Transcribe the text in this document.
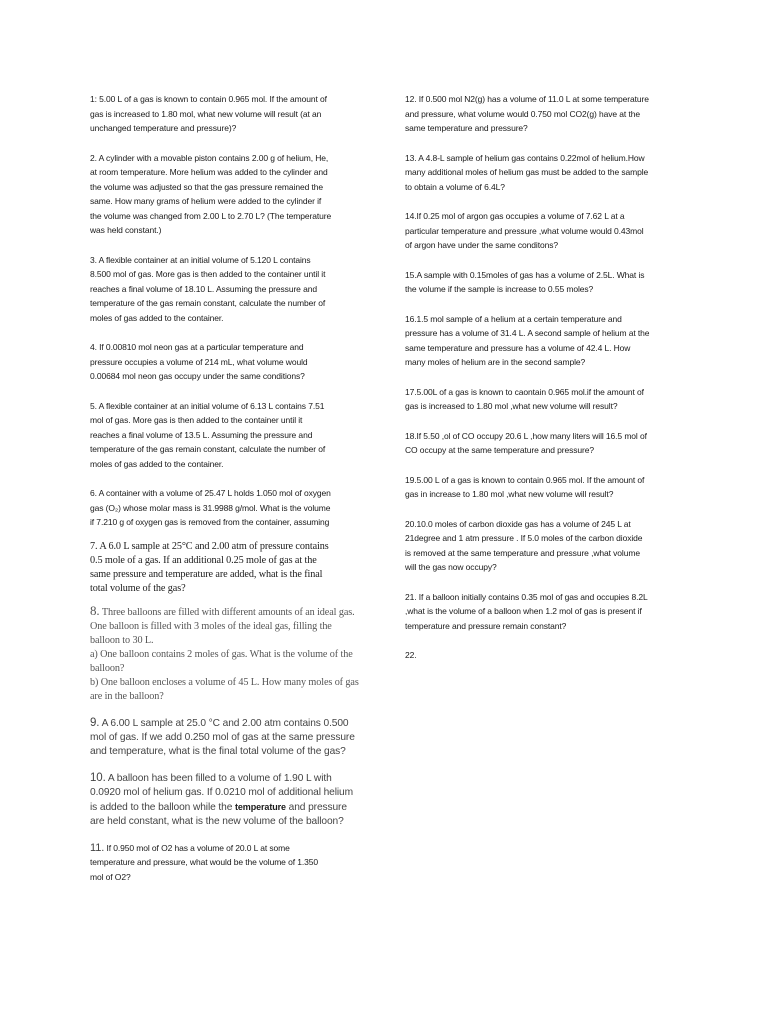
1: 5.00 L of a gas is known to contain 0.965 mol. If the amount of
gas is increased to 1.80 mol, what new volume will result (at an
unchanged temperature and pressure)?
2. A cylinder with a movable piston contains 2.00 g of helium, He,
at room temperature. More helium was added to the cylinder and
the volume was adjusted so that the gas pressure remained the
same. How many grams of helium were added to the cylinder if
the volume was changed from 2.00 L to 2.70 L? (The temperature
was held constant.)
3. A flexible container at an initial volume of 5.120 L contains
8.500 mol of gas. More gas is then added to the container until it
reaches a final volume of 18.10 L. Assuming the pressure and
temperature of the gas remain constant, calculate the number of
moles of gas added to the container.
4. If 0.00810 mol neon gas at a particular temperature and
pressure occupies a volume of 214 mL, what volume would
0.00684 mol neon gas occupy under the same conditions?
5. A flexible container at an initial volume of 6.13 L contains 7.51
mol of gas. More gas is then added to the container until it
reaches a final volume of 13.5 L. Assuming the pressure and
temperature of the gas remain constant, calculate the number of
moles of gas added to the container.
6. A container with a volume of 25.47 L holds 1.050 mol of oxygen
gas (O₂) whose molar mass is 31.9988 g/mol. What is the volume
if 7.210 g of oxygen gas is removed from the container, assuming
7. A 6.0 L sample at 25°C and 2.00 atm of pressure contains
0.5 mole of a gas. If an additional 0.25 mole of gas at the
same pressure and temperature are added, what is the final
total volume of the gas?
8. Three balloons are filled with different amounts of an ideal gas.
One balloon is filled with 3 moles of the ideal gas, filling the
balloon to 30 L.
a) One balloon contains 2 moles of gas. What is the volume of the
balloon?
b) One balloon encloses a volume of 45 L. How many moles of gas
are in the balloon?
9. A 6.00 L sample at 25.0 °C and 2.00 atm contains 0.500
mol of gas. If we add 0.250 mol of gas at the same pressure
and temperature, what is the final total volume of the gas?
10. A balloon has been filled to a volume of 1.90 L with
0.0920 mol of helium gas. If 0.0210 mol of additional helium
is added to the balloon while the temperature and pressure
are held constant, what is the new volume of the balloon?
11. If 0.950 mol of O2 has a volume of 20.0 L at some
temperature and pressure, what would be the volume of 1.350
mol of O2?
12. If 0.500 mol N2(g) has a volume of 11.0 L at some temperature
and pressure, what volume would 0.750 mol CO2(g) have at the
same temperature and pressure?
13. A 4.8-L sample of helium gas contains 0.22mol of helium.How
many additional moles of helium gas must be added to the sample
to obtain a volume of 6.4L?
14.If 0.25 mol of argon gas occupies a volume of 7.62 L at a
particular temperature and pressure ,what volume would 0.43mol
of argon have under the same conditons?
15.A sample with 0.15moles of gas has a volume of 2.5L. What is
the volume if the sample is increase to 0.55 moles?
16.1.5 mol sample of a helium at a certain temperature and
pressure has a volume of 31.4 L. A second sample of helium at the
same temperature and pressure has a volume of 42.4 L. How
many moles of helium are in the second sample?
17.5.00L of a gas is known to caontain 0.965 mol.if the amount of
gas is increased to 1.80 mol ,what new volume will result?
18.If 5.50 ,ol of CO occupy 20.6 L ,how many liters will 16.5 mol of
CO occupy at the same temperature and pressure?
19.5.00 L of a gas is known to contain 0.965 mol. If the amount of
gas in increase to 1.80 mol ,what new volume will result?
20.10.0 moles of carbon dioxide gas has a volume of 245 L at
21degree and 1 atm pressure . If 5.0 moles of the carbon dioxide
is removed at the same temperature and pressure ,what volume
will the gas now occupy?
21. If a balloon initially contains 0.35 mol of gas and occupies 8.2L
,what is the volume of a balloon when 1.2 mol of gas is present if
temperature and pressure remain constant?
22.
